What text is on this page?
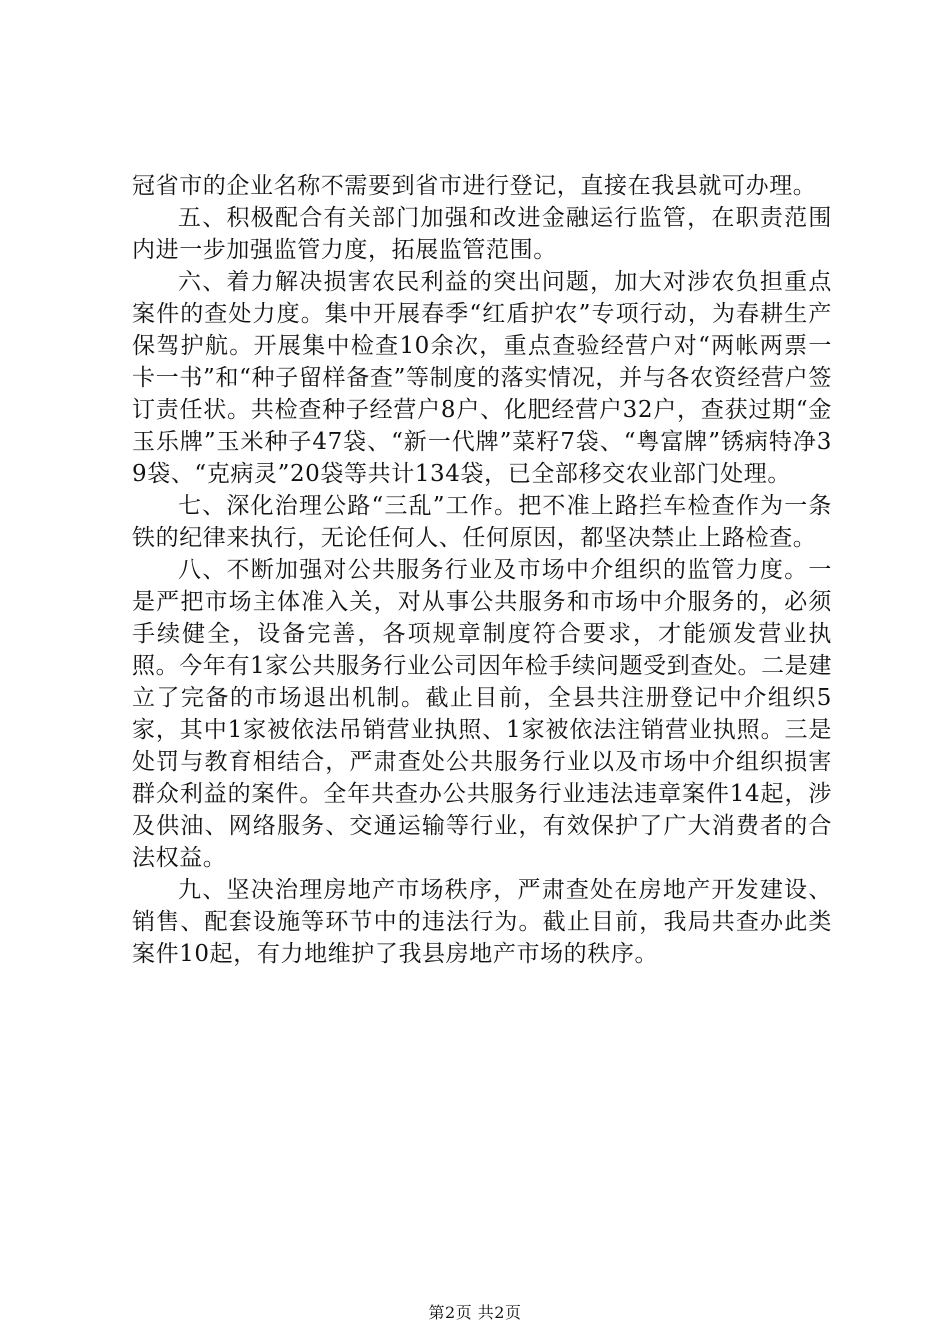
冠省市的企业名称不需要到省市进行登记，直接在我县就可办理。

五、积极配合有关部门加强和改进金融运行监管，在职责范围内进一步加强监管力度，拓展监管范围。

六、着力解决损害农民利益的突出问题，加大对涉农负担重点案件的查处力度。集中开展春季“红盾护农”专项行动，为春耕生产保驾护航。开展集中检查10余次，重点查验经营户对“两帐两票一卡一书”和“种子留样备查”等制度的落实情况，并与各农资经营户签订责任状。共检查种子经营户8户、化肥经营户32户，查获过期“金玉乐牌”玉米种子47袋、“新一代牌”菜籽7袋、“粤富牌”锈病特净39袋、“克病灵”20袋等共计134袋，已全部移交农业部门处理。

七、深化治理公路“三乱”工作。把不准上路拦车检查作为一条铁的纪律来执行，无论任何人、任何原因，都坚决禁止上路检查。

八、不断加强对公共服务行业及市场中介组织的监管力度。一是严把市场主体准入关，对从事公共服务和市场中介服务的，必须手续健全，设备完善，各项规章制度符合要求，才能颁发营业执照。今年有1家公共服务行业公司因年检手续问题受到查处。二是建立了完备的市场退出机制。截止目前，全县共注册登记中介组织5家，其中1家被依法吊销营业执照、1家被依法注销营业执照。三是处罚与教育相结合，严肃查处公共服务行业以及市场中介组织损害群众利益的案件。全年共查办公共服务行业违法违章案件14起，涉及供油、网络服务、交通运输等行业，有效保护了广大消费者的合法权益。

九、坚决治理房地产市场秩序，严肃查处在房地产开发建设、销售、配套设施等环节中的违法行为。截止目前，我局共查办此类案件10起，有力地维护了我县房地产市场的秩序。

第2页 共2页
